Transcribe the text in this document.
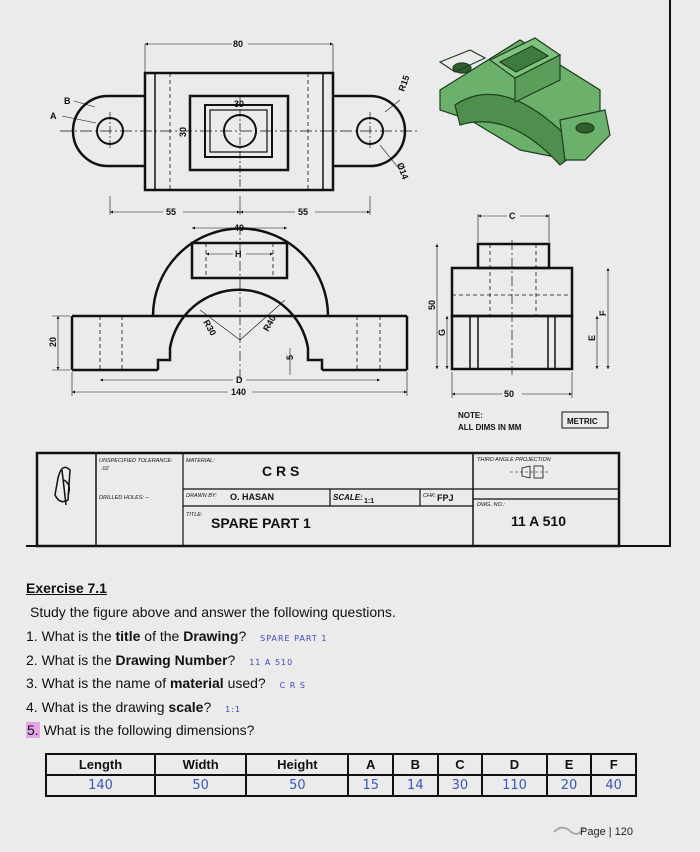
80
30
30
R15
Ø14
A
B
55	55
40
H
R30	R40
20
D
140
5
C
50
G
E
F
50
NOTE:
ALL DIMS IN MM
METRIC
UNSPECIFIED TOLERANCE:
.02
MATERIAL:
C R S
THIRD ANGLE PROJECTION
DRILLED HOLES: –	DRAWN BY: O. HASAN	SCALE: 1:1
CHK: FPJ
DWG. NO.:
11 A 510
TITLE: SPARE PART 1
Exercise 7.1
Study the figure above and answer the following questions.
1. What is the title of the Drawing? SPARE PART 1
2. What is the Drawing Number? 11 A 510
3. What is the name of material used? C R S
4. What is the drawing scale? 1:1
5. What is the following dimensions?
Length	Width	Height	A	B	C	D	E	F
140	50	50	15	14	30	110	20	40
Page | 120
